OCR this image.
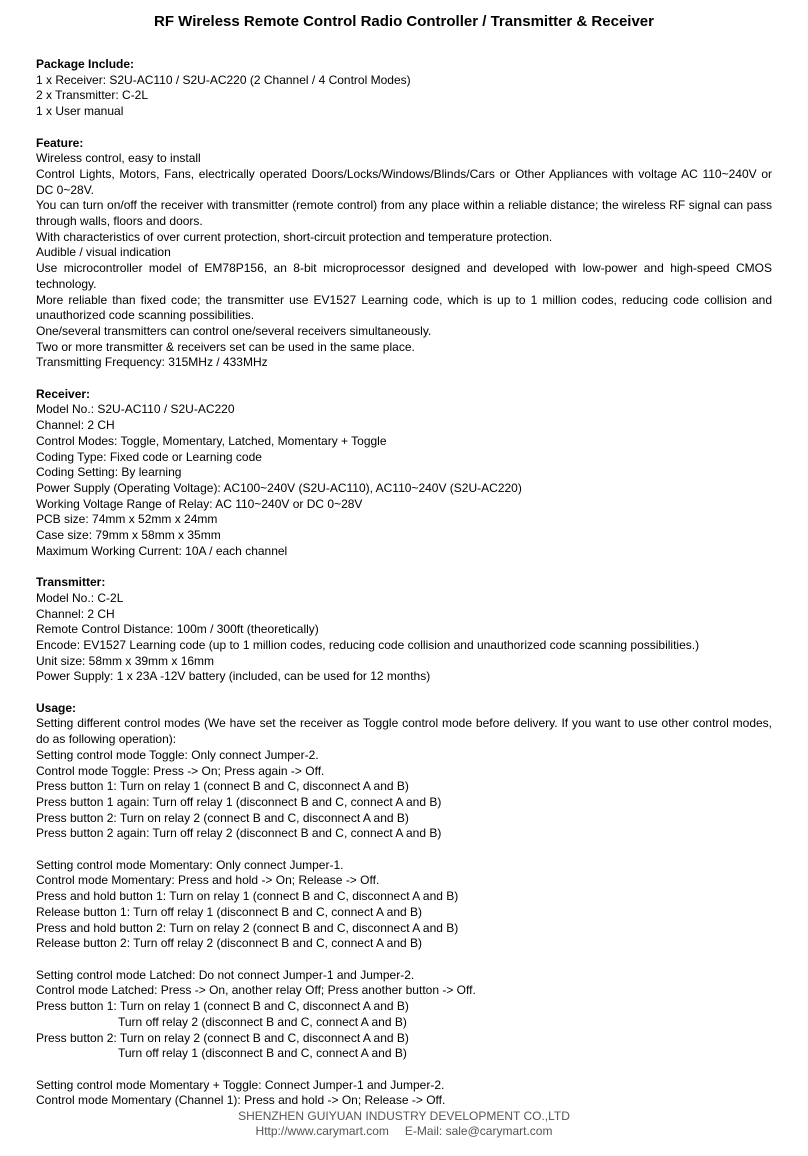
RF Wireless Remote Control Radio Controller / Transmitter & Receiver

Package Include:

1 x Receiver: S2U-AC110 / S2U-AC220 (2 Channel / 4 Control Modes)

2 x Transmitter: C-2L

1 x User manual

Feature:

Wireless control, easy to install

Control Lights, Motors, Fans, electrically operated Doors/Locks/Windows/Blinds/Cars or Other Appliances with voltage AC 110~240V or DC 0~28V.

You can turn on/off the receiver with transmitter (remote control) from any place within a reliable distance; the wireless RF signal can pass through walls, floors and doors.

With characteristics of over current protection, short-circuit protection and temperature protection.

Audible / visual indication

Use microcontroller model of EM78P156, an 8-bit microprocessor designed and developed with low-power and high-speed CMOS technology.

More reliable than fixed code; the transmitter use EV1527 Learning code, which is up to 1 million codes, reducing code collision and unauthorized code scanning possibilities.

One/several transmitters can control one/several receivers simultaneously.

Two or more transmitter & receivers set can be used in the same place.

Transmitting Frequency: 315MHz / 433MHz

Receiver:

Model No.: S2U-AC110 / S2U-AC220

Channel: 2 CH

Control Modes: Toggle, Momentary, Latched, Momentary + Toggle

Coding Type: Fixed code or Learning code

Coding Setting: By learning

Power Supply (Operating Voltage): AC100~240V (S2U-AC110), AC110~240V (S2U-AC220)

Working Voltage Range of Relay: AC 110~240V or DC 0~28V

PCB size: 74mm x 52mm x 24mm

Case size: 79mm x 58mm x 35mm

Maximum Working Current: 10A / each channel

Transmitter:

Model No.: C-2L

Channel: 2 CH

Remote Control Distance: 100m / 300ft (theoretically)

Encode: EV1527 Learning code (up to 1 million codes, reducing code collision and unauthorized code scanning possibilities.)

Unit size: 58mm x 39mm x 16mm

Power Supply: 1 x 23A -12V battery (included, can be used for 12 months)

Usage:

Setting different control modes (We have set the receiver as Toggle control mode before delivery. If you want to use other control modes, do as following operation):

Setting control mode Toggle: Only connect Jumper-2.

Control mode Toggle: Press -> On; Press again -> Off.

Press button 1: Turn on relay 1 (connect B and C, disconnect A and B)

Press button 1 again: Turn off relay 1 (disconnect B and C, connect A and B)

Press button 2: Turn on relay 2 (connect B and C, disconnect A and B)

Press button 2 again: Turn off relay 2 (disconnect B and C, connect A and B)

Setting control mode Momentary: Only connect Jumper-1.

Control mode Momentary: Press and hold -> On; Release -> Off.

Press and hold button 1: Turn on relay 1 (connect B and C, disconnect A and B)

Release button 1: Turn off relay 1 (disconnect B and C, connect A and B)

Press and hold button 2: Turn on relay 2 (connect B and C, disconnect A and B)

Release button 2: Turn off relay 2 (disconnect B and C, connect A and B)

Setting control mode Latched: Do not connect Jumper-1 and Jumper-2.

Control mode Latched: Press -> On, another relay Off; Press another button -> Off.

Press button 1: Turn on relay 1 (connect B and C, disconnect A and B)

Turn off relay 2 (disconnect B and C, connect A and B)

Press button 2: Turn on relay 2 (connect B and C, disconnect A and B)

Turn off relay 1 (disconnect B and C, connect A and B)

Setting control mode Momentary + Toggle: Connect Jumper-1 and Jumper-2.

Control mode Momentary (Channel 1): Press and hold -> On; Release -> Off.

SHENZHEN GUIYUAN INDUSTRY DEVELOPMENT CO.,LTD
Http://www.carymart.com E-Mail: sale@carymart.com
